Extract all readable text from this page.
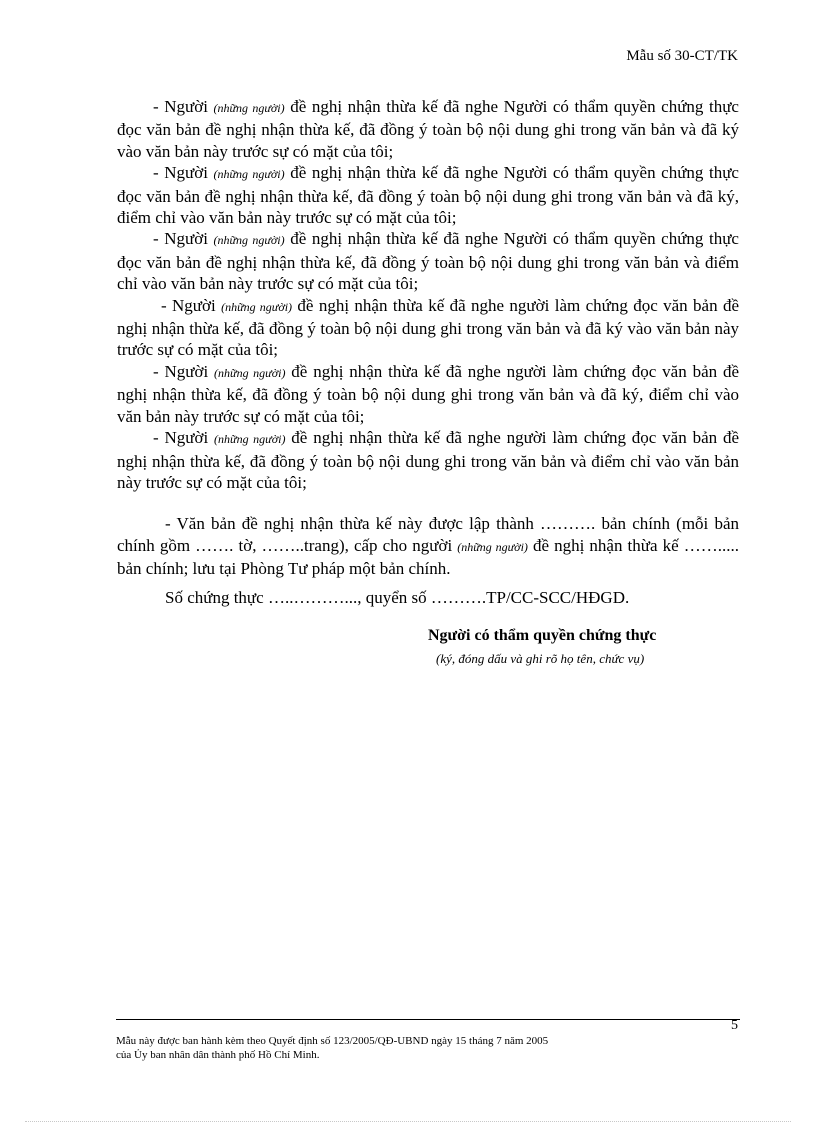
Mẫu số 30-CT/TK

- Người (những người) đề nghị nhận thừa kế đã nghe Người có thẩm quyền chứng thực đọc văn bản đề nghị nhận thừa kế, đã đồng ý toàn bộ nội dung ghi trong văn bản và đã ký vào văn bản này trước sự có mặt của tôi;

- Người (những người) đề nghị nhận thừa kế đã nghe Người có thẩm quyền chứng thực đọc văn bản đề nghị nhận thừa kế, đã đồng ý toàn bộ nội dung ghi trong văn bản và đã ký, điểm chỉ vào văn bản này trước sự có mặt của tôi;

- Người (những người) đề nghị nhận thừa kế đã nghe Người có thẩm quyền chứng thực đọc văn bản đề nghị nhận thừa kế, đã đồng ý toàn bộ nội dung ghi trong văn bản và điểm chỉ vào văn bản này trước sự có mặt của tôi;

- Người (những người) đề nghị nhận thừa kế đã nghe người làm chứng đọc văn bản đề nghị nhận thừa kế, đã đồng ý toàn bộ nội dung ghi trong văn bản và đã ký vào văn bản này trước sự có mặt của tôi;

- Người (những người) đề nghị nhận thừa kế đã nghe người làm chứng đọc văn bản đề nghị nhận thừa kế, đã đồng ý toàn bộ nội dung ghi trong văn bản và đã ký, điểm chỉ vào văn bản này trước sự có mặt của tôi;

- Người (những người) đề nghị nhận thừa kế đã nghe người làm chứng đọc văn bản đề nghị nhận thừa kế, đã đồng ý toàn bộ nội dung ghi trong văn bản và điểm chỉ vào văn bản này trước sự có mặt của tôi;

- Văn bản đề nghị nhận thừa kế này được lập thành ………. bản chính (mỗi bản chính gồm ……. tờ, ……..trang), cấp cho người (những người) đề nghị nhận thừa kế ……..... bản chính; lưu tại Phòng Tư pháp một bản chính.

Số chứng thực …..………..., quyển số ……….TP/CC-SCC/HĐGD.
Người có thẩm quyền chứng thực
(ký, đóng dấu và ghi rõ họ tên, chức vụ)
5
Mẫu này được ban hành kèm theo Quyết định số 123/2005/QĐ-UBND ngày 15 tháng 7 năm 2005
của Ủy ban nhân dân thành phố Hồ Chí Minh.
